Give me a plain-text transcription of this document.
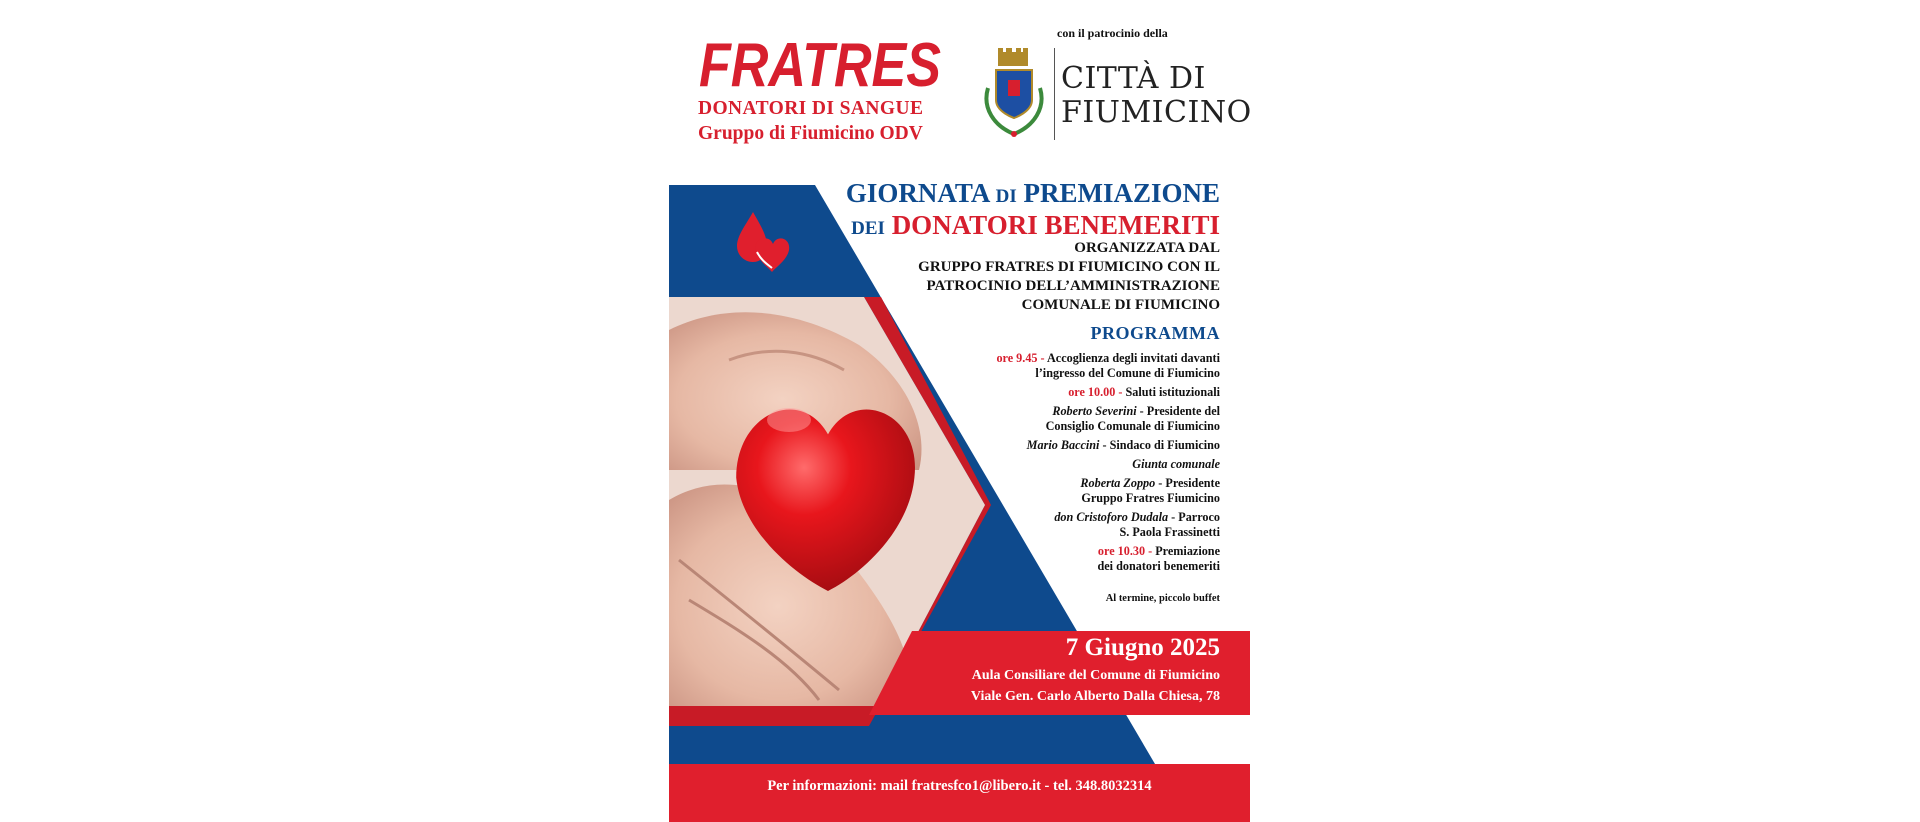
FRATRES
DONATORI DI SANGUE
Gruppo di Fiumicino ODV
con il patrocinio della
CITTÀ DI
FIUMICINO
GIORNATA DI PREMIAZIONE
DEI DONATORI BENEMERITI
ORGANIZZATA DAL
GRUPPO FRATRES DI FIUMICINO CON IL
PATROCINIO DELL’AMMINISTRAZIONE
COMUNALE DI FIUMICINO
PROGRAMMA
ore 9.45 - Accoglienza degli invitati davanti
l’ingresso del Comune di Fiumicino
ore 10.00 - Saluti istituzionali
Roberto Severini - Presidente del
Consiglio Comunale di Fiumicino
Mario Baccini - Sindaco di Fiumicino
Giunta comunale
Roberta Zoppo - Presidente
Gruppo Fratres Fiumicino
don Cristoforo Dudala - Parroco
S. Paola Frassinetti
ore 10.30 - Premiazione
dei donatori benemeriti
Al termine, piccolo buffet
7 Giugno 2025
Aula Consiliare del Comune di Fiumicino
Viale Gen. Carlo Alberto Dalla Chiesa, 78
Per informazioni: mail fratresfco1@libero.it - tel. 348.8032314
